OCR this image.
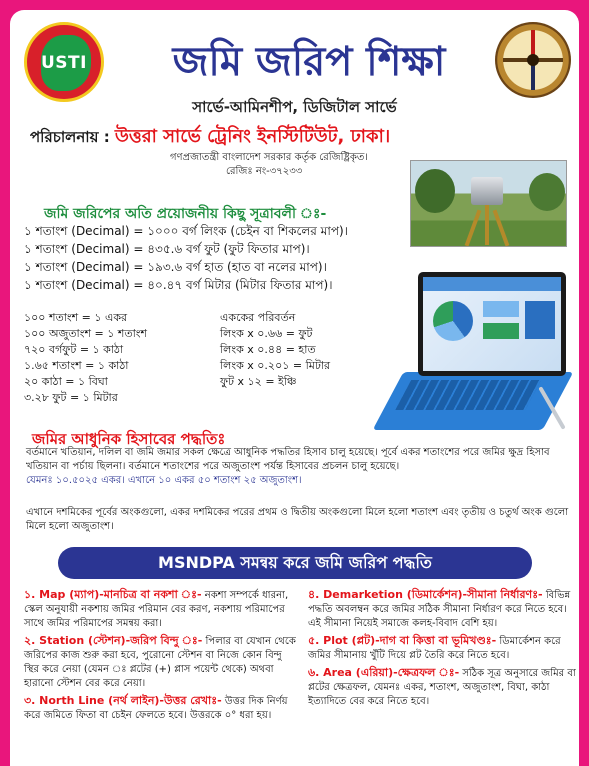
USTI	জমি জরিপ শিক্ষা
সার্ভে-আমিনশীপ, ডিজিটাল সার্ভে
পরিচালনায় : উত্তরা সার্ভে ট্রেনিং ইনস্টিটিউট, ঢাকা।
গণপ্রজাতন্ত্রী বাংলাদেশ সরকার কর্তৃক রেজিষ্ট্রিকৃত।
রেজিঃ নং-৩৭২৩৩
জমি জরিপের অতি প্রয়োজনীয় কিছু সূত্রাবলী ঃ-
১ শতাংশ (Decimal) = ১০০০ বর্গ লিংক (চেইন বা শিকলের মাপ)।
১ শতাংশ (Decimal) = ৪৩৫.৬ বর্গ ফুট (ফুট ফিতার মাপ)।
১ শতাংশ (Decimal) = ১৯৩.৬ বর্গ হাত (হাত বা নলের মাপ)।
১ শতাংশ (Decimal) = ৪০.৪৭ বর্গ মিটার (মিটার ফিতার মাপ)।
১০০ শতাংশ = ১ একর
১০০ অজুতাংশ = ১ শতাংশ
৭২০ বর্গফুট = ১ কাঠা
১.৬৫ শতাংশ = ১ কাঠা
২০ কাঠা = ১ বিঘা
৩.২৮ ফুট = ১ মিটার
এককের পরিবর্তন
লিংক x ০.৬৬ = ফুট
লিংক x ০.৪৪ = হাত
লিংক x ০.২০১ = মিটার
ফুট x ১২ = ইঞ্চি
জমির আধুনিক হিসাবের পদ্ধতিঃ
বর্তমানে খতিয়ান, দলিল বা জমি জমার সকল ক্ষেত্রে আধুনিক পদ্ধতির হিসাব চালু হয়েছে। পূর্বে একর শতাংশের পরে জমির ক্ষুদ্র হিসাব খতিয়ান বা পর্চায় ছিলনা। বর্তমানে শতাংশের পরে অজুতাংশ পর্যন্ত হিসাবের প্রচলন চালু হয়েছে।
যেমনঃ ১০.৫০২৫ একর। এখানে ১০ একর ৫০ শতাংশ ২৫ অজুতাংশ।
এখানে দশমিকের পূর্বের অংকগুলো, একর দশমিকের পরের প্রথম ও দ্বিতীয় অংকগুলো মিলে হলো শতাংশ এবং তৃতীয় ও চতুর্থ অংক গুলো মিলে হলো অজুতাংশ।
MSNDPA সমন্বয় করে জমি জরিপ পদ্ধতি
১. Map (ম্যাপ)-মানচিত্র বা নকশা ঃ- নকশা সম্পর্কে ধারনা, স্কেল অনুযায়ী নকশায় জমির পরিমান বের করণ, নকশায় পরিমাপের সাথে জমির পরিমাপের সমন্বয় করা।
২. Station (স্টেশন)-জরিপ বিন্দু ঃ- পিলার বা যেখান থেকে জরিপের কাজ শুরু করা হবে, পুরোনো স্টেশন বা নিজে কোন বিন্দু স্থির করে নেয়া (যেমন ঃ প্লটের (+) প্লাস পয়েন্ট থেকে) অথবা হারানো স্টেশন বের করে নেয়া।
৩. North Line (নর্থ লাইন)-উত্তর রেখাঃ- উত্তর দিক নির্ণয় করে জমিতে ফিতা বা চেইন ফেলতে হবে। উত্তরকে ০° ধরা হয়।
৪. Demarketion (ডিমার্কেশন)-সীমানা নির্ধারণঃ- বিভিন্ন পদ্ধতি অবলম্বন করে জমির সঠিক সীমানা নির্ধারণ করে নিতে হবে। এই সীমানা নিয়েই সমাজে কলহ-বিবাদ বেশি হয়।
৫. Plot (প্লট)-দাগ বা কিত্তা বা ভূমিখণ্ডঃ- ডিমার্কেশন করে জমির সীমানায় খুঁটি দিয়ে প্লট তৈরি করে নিতে হবে।
৬. Area (এরিয়া)-ক্ষেত্রফল ঃ- সঠিক সূত্র অনুসারে জমির বা প্লটের ক্ষেত্রফল, যেমনঃ একর, শতাংশ, অজুতাংশ, বিঘা, কাঠা ইত্যাদিতে বের করে নিতে হবে।
